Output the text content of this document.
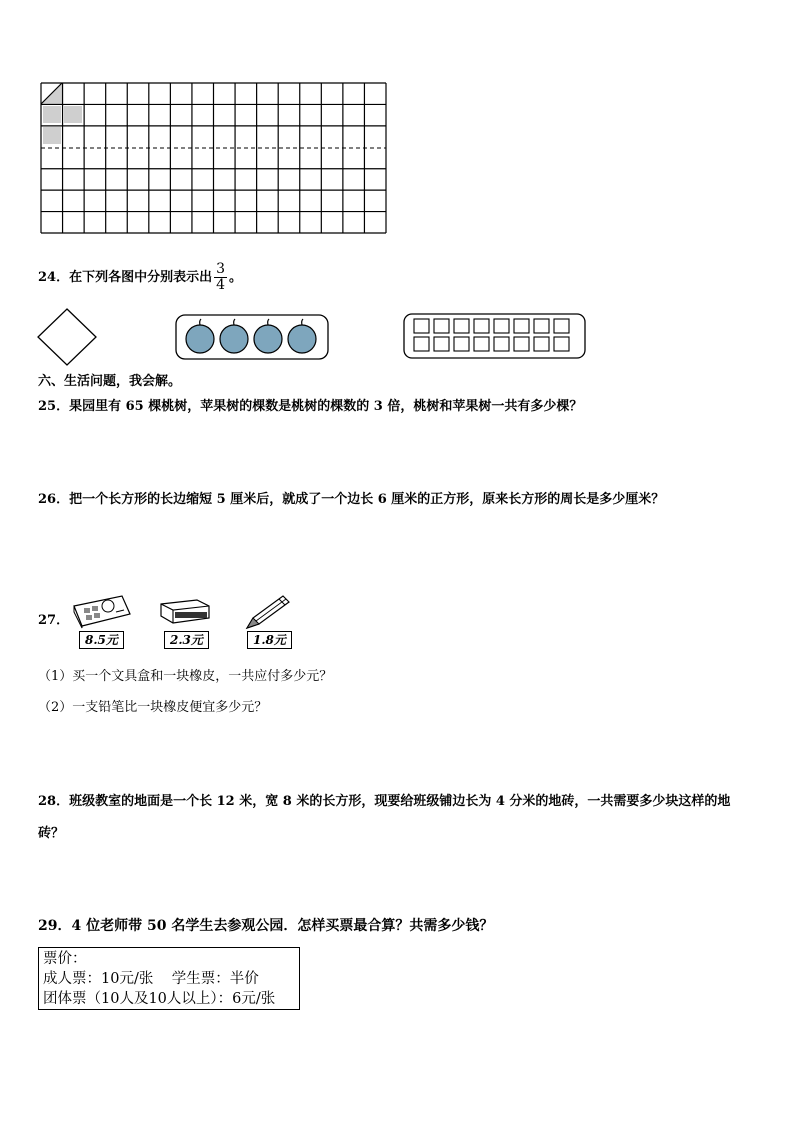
24．在下列各图中分别表示出 $\frac{3}{4}$ 。
六、生活问题，我会解。
25．果园里有 65 棵桃树，苹果树的棵数是桃树的棵数的 3 倍，桃树和苹果树一共有多少棵？
26．把一个长方形的长边缩短 5 厘米后，就成了一个边长 6 厘米的正方形，原来长方形的周长是多少厘米？
27．
8.5元	2.3元	1.8元
（1）买一个文具盒和一块橡皮，一共应付多少元？
（2）一支铅笔比一块橡皮便宜多少元？
28．班级教室的地面是一个长 12 米，宽 8 米的长方形，现要给班级铺边长为 4 分米的地砖，一共需要多少块这样的地
砖？
29．4 位老师带 50 名学生去参观公园．怎样买票最合算？共需多少钱？
票价：
成人票：10元/张    学生票：半价
团体票（10人及10人以上）：6元/张
